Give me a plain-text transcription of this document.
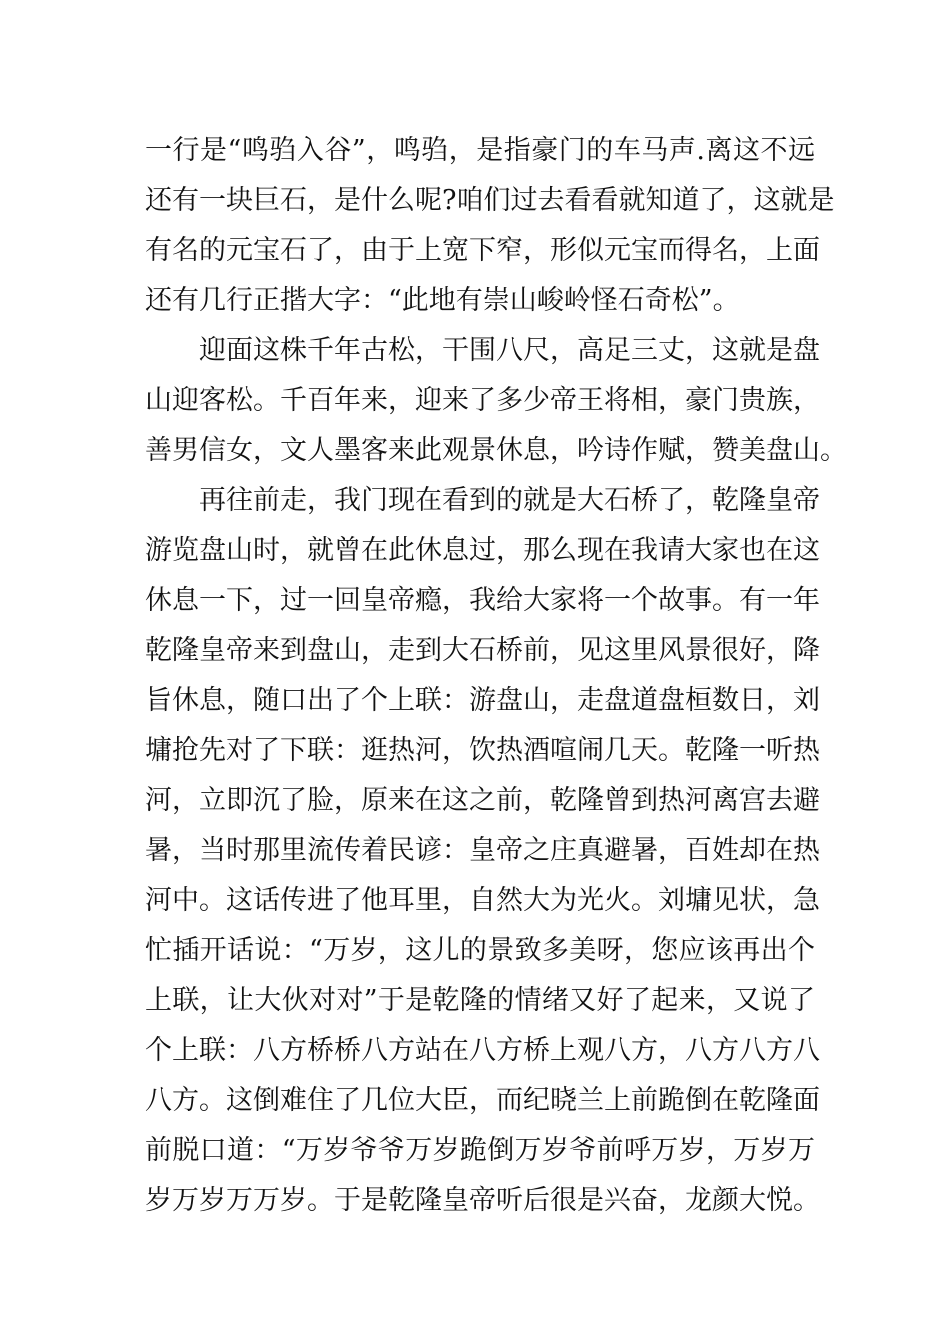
一行是“鸣驺入谷”，鸣驺，是指豪门的车马声.离这不远
还有一块巨石，是什么呢?咱们过去看看就知道了，这就是
有名的元宝石了，由于上宽下窄，形似元宝而得名，上面
还有几行正揩大字：“此地有崇山峻岭怪石奇松”。
迎面这株千年古松，干围八尺，高足三丈，这就是盘
山迎客松。千百年来，迎来了多少帝王将相，豪门贵族，
善男信女，文人墨客来此观景休息，吟诗作赋，赞美盘山。
再往前走，我门现在看到的就是大石桥了，乾隆皇帝
游览盘山时，就曾在此休息过，那么现在我请大家也在这
休息一下，过一回皇帝瘾，我给大家将一个故事。有一年
乾隆皇帝来到盘山，走到大石桥前，见这里风景很好，降
旨休息，随口出了个上联：游盘山，走盘道盘桓数日，刘
墉抢先对了下联：逛热河，饮热酒喧闹几天。乾隆一听热
河，立即沉了脸，原来在这之前，乾隆曾到热河离宫去避
暑，当时那里流传着民谚：皇帝之庄真避暑，百姓却在热
河中。这话传进了他耳里，自然大为光火。刘墉见状，急
忙插开话说：“万岁，这儿的景致多美呀，您应该再出个
上联，让大伙对对”于是乾隆的情绪又好了起来，又说了
个上联：八方桥桥八方站在八方桥上观八方，八方八方八
八方。这倒难住了几位大臣，而纪晓兰上前跪倒在乾隆面
前脱口道：“万岁爷爷万岁跪倒万岁爷前呼万岁，万岁万
岁万岁万万岁。于是乾隆皇帝听后很是兴奋，龙颜大悦。
